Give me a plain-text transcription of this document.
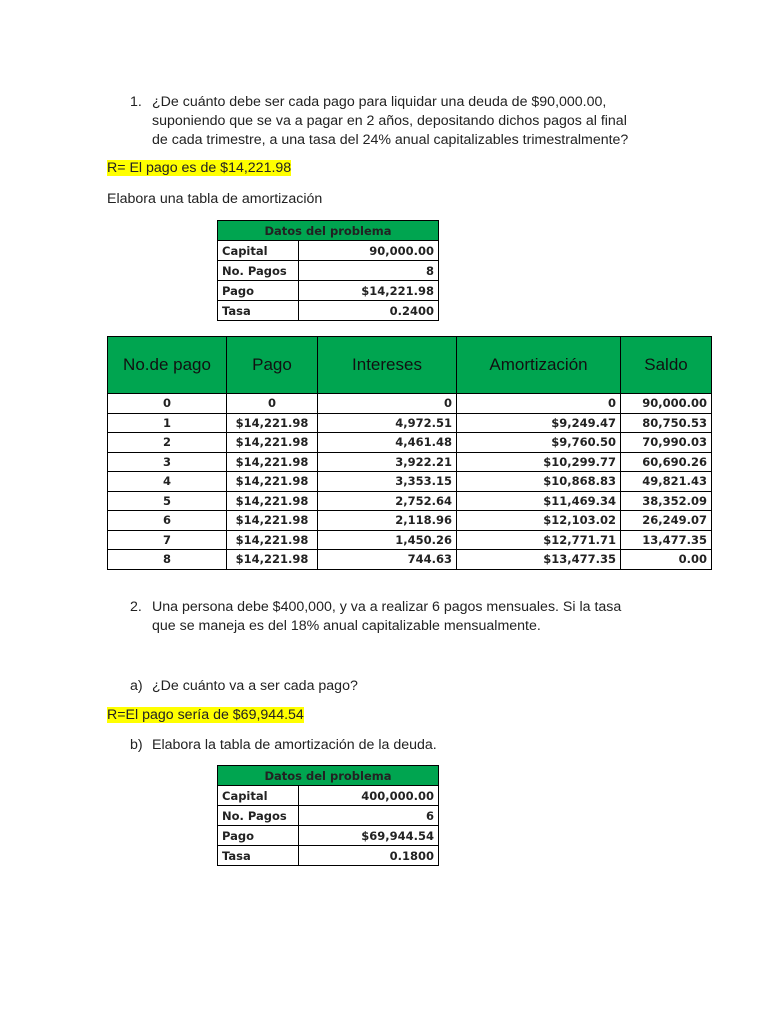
1. ¿De cuánto debe ser cada pago para liquidar una deuda de $90,000.00,
suponiendo que se va a pagar en 2 años, depositando dichos pagos al final
de cada trimestre, a una tasa del 24% anual capitalizables trimestralmente?
R= El pago es de $14,221.98
Elabora una tabla de amortización
Datos del problema	
Capital	90,000.00
No. Pagos	8
Pago	$14,221.98
Tasa	0.2400
No.de pago	Pago	Intereses	Amortización	Saldo
0	0	0	0	90,000.00
1	$14,221.98	4,972.51	$9,249.47	80,750.53
2	$14,221.98	4,461.48	$9,760.50	70,990.03
3	$14,221.98	3,922.21	$10,299.77	60,690.26
4	$14,221.98	3,353.15	$10,868.83	49,821.43
5	$14,221.98	2,752.64	$11,469.34	38,352.09
6	$14,221.98	2,118.96	$12,103.02	26,249.07
7	$14,221.98	1,450.26	$12,771.71	13,477.35
8	$14,221.98	744.63	$13,477.35	0.00
2. Una persona debe $400,000, y va a realizar 6 pagos mensuales. Si la tasa
que se maneja es del 18% anual capitalizable mensualmente.
a) ¿De cuánto va a ser cada pago?
R=El pago sería de $69,944.54
b) Elabora la tabla de amortización de la deuda.
Datos del problema	
Capital	400,000.00
No. Pagos	6
Pago	$69,944.54
Tasa	0.1800
